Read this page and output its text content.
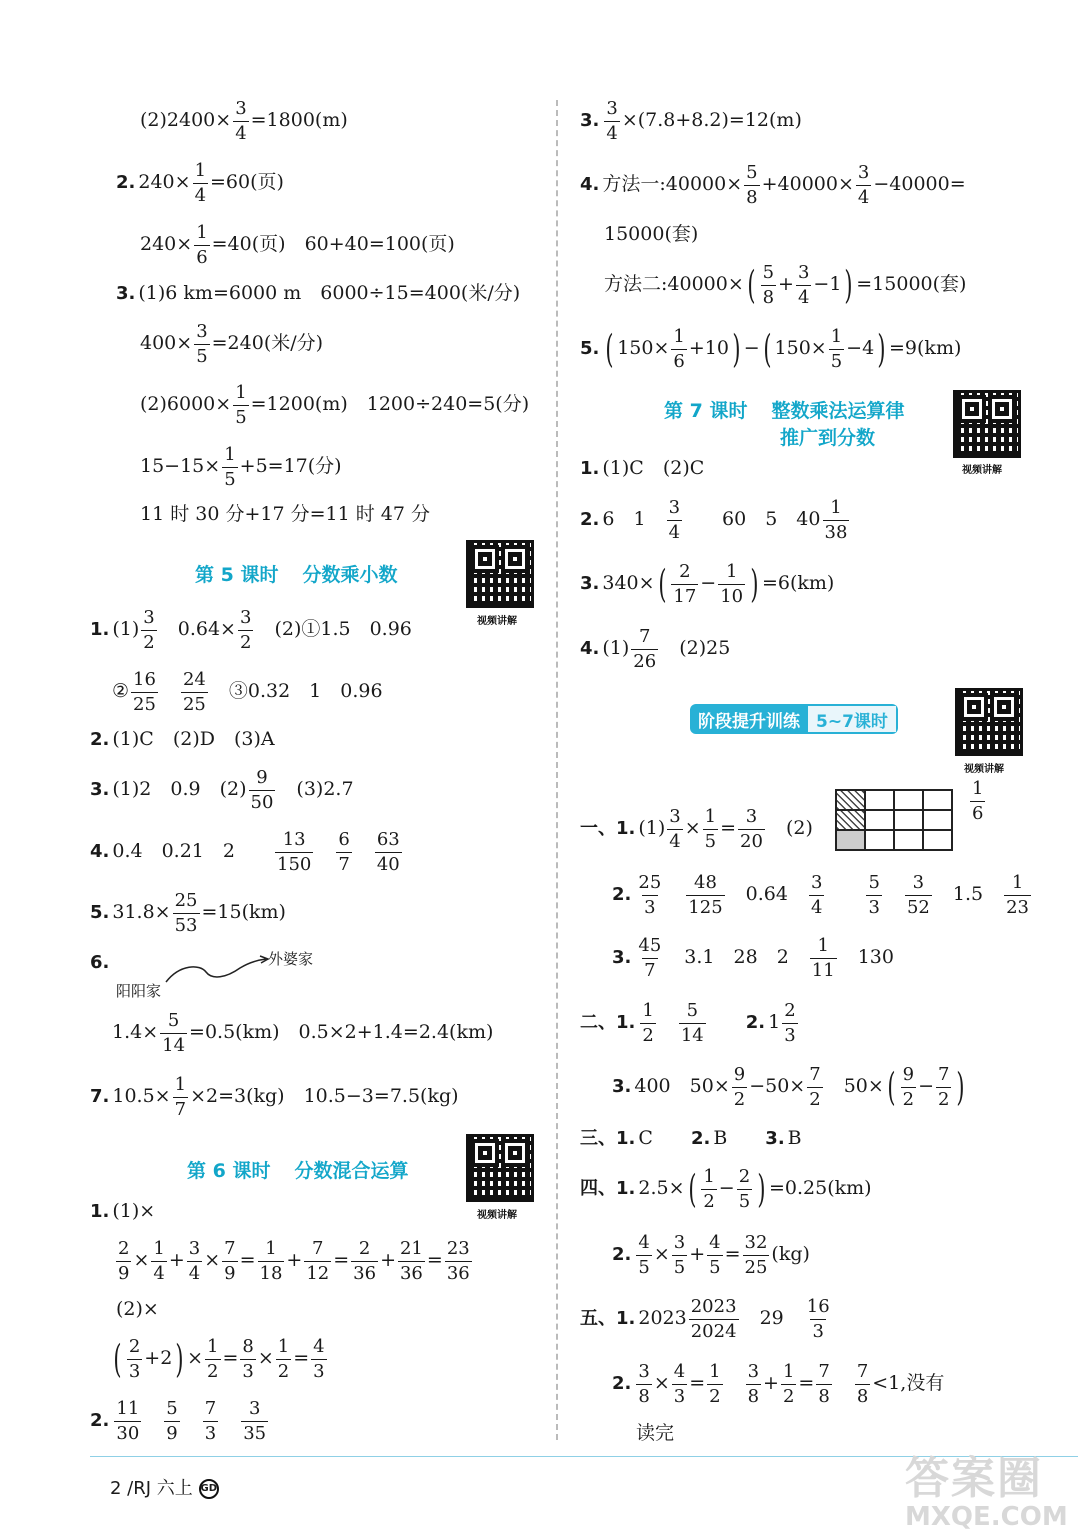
$(2)2400\times \frac{3}{4} =1800(m)$
2. $240\times \frac{1}{4} =60$(页)
$240\times \frac{1}{6} =40$(页)　60+40=100(页)
3. (1)6 km=6000 m　6000÷15=400(米/分)
$400\times \frac{3}{5} =240$(米/分)
$(2)6000\times \frac{1}{5} =1200(m)$　1200÷240=5(分)
$15-15\times \frac{1}{5} +5=17$(分)
11 时 30 分+17 分=11 时 47 分
第 5 课时 分数乘小数
视频讲解
1. $(1) \frac{3}{2}$ 　$0.64\times \frac{3}{2}$ 　(2)①1.5　0.96
② $\frac{16}{25}$
　 $\frac{24}{25}$ 　③0.32　1　0.96
2. (1)C　(2)D　(3)A
3. (1)2　0.9　$(2) \frac{9}{50}$ 　(3)2.7
4. 0.4　0.21　2　　 $\frac{13}{150}$
　 $\frac{6}{7}$
　 $\frac{63}{40}$
5. $31.8\times \frac{25}{53} =15(km)$
6.	外婆家
阳阳家
$1.4\times \frac{5}{14} =0.5(km)$　0.5×2+1.4=2.4(km)
7. $10.5\times \frac{1}{7} \times 2=3(kg)$　10.5−3=7.5(kg)
第 6 课时 分数混合运算
视频讲解
1. (1)×
$\frac{2}{9} \times \frac{1}{4} + \frac{3}{4} \times \frac{7}{9} = \frac{1}{18} + \frac{7}{12} = \frac{2}{36} + \frac{21}{36} = \frac{23}{36}$
(2)×
( $\frac{2}{3} +2) \times \frac{1}{2} = \frac{8}{3} \times \frac{1}{2} = \frac{4}{3}$
2. $\frac{11}{30}$
　 $\frac{5}{9}$
　 $\frac{7}{3}$
　 $\frac{3}{35}$
3. $\frac{3}{4} \times(7.8+8.2)=12(m)$
4. 方法一:40000× $\frac{5}{8} +40000\times \frac{3}{4} -40000=$
15000(套)
方法二:40000×( $\frac{5}{8} + \frac{3}{4} -1) =15000$(套)
5. ( $150\times \frac{1}{6} +10$) −( $150\times \frac{1}{5} -4) =9(km)$
第 7 课时 整数乘法运算律
推广到分数
视频讲解
1. (1)C　(2)C
2. 6　1　 $\frac{3}{4}$
　　 60　5　$40 \frac{1}{38}$
3. $340\times( \frac{2}{17} - \frac{1}{10}$ ) =6(km)
4. $(1) \frac{7}{26}$ 　(2)25
阶段提升训练 5~7课时
视频讲解
一、1. $(1) \frac{3}{4} \times \frac{1}{5} = \frac{3}{20}$
　 (2)
$\frac{1}{6}$
2. $\frac{25}{3}$
　 $\frac{48}{125}$
　 0.64　 $\frac{3}{4}$
　　 $\frac{5}{3}$
　 $\frac{3}{52}$
　 1.5　 $\frac{1}{23}$
3. $\frac{45}{7}$
　 3.1　28　2　 $\frac{1}{11}$
　 130
二、1. $\frac{1}{2}$
　 $\frac{5}{14}$
　　 2. $1 \frac{2}{3}$
3. 400　$50\times \frac{9}{2} -50\times \frac{7}{2}$
　 $50\times( \frac{9}{2} - \frac{7}{2}$ )
三、1. C　　 2. B　　 3. B
四、1. $2.5\times( \frac{1}{2} - \frac{2}{5}$ ) =0.25(km)
2. $\frac{4}{5} \times \frac{3}{5} + \frac{4}{5} = \frac{32}{25} (kg)$
五、1. $2023 \frac{2023}{2024}$
　 29　 $\frac{16}{3}$
2. $\frac{3}{8} \times \frac{4}{3} = \frac{1}{2}$
　 $\frac{3}{8} + \frac{1}{2} = \frac{7}{8}$
　 $\frac{7}{8} <1$,没有
读完
2 /RJ 六上 GD	答案圈
MXQE.COM
